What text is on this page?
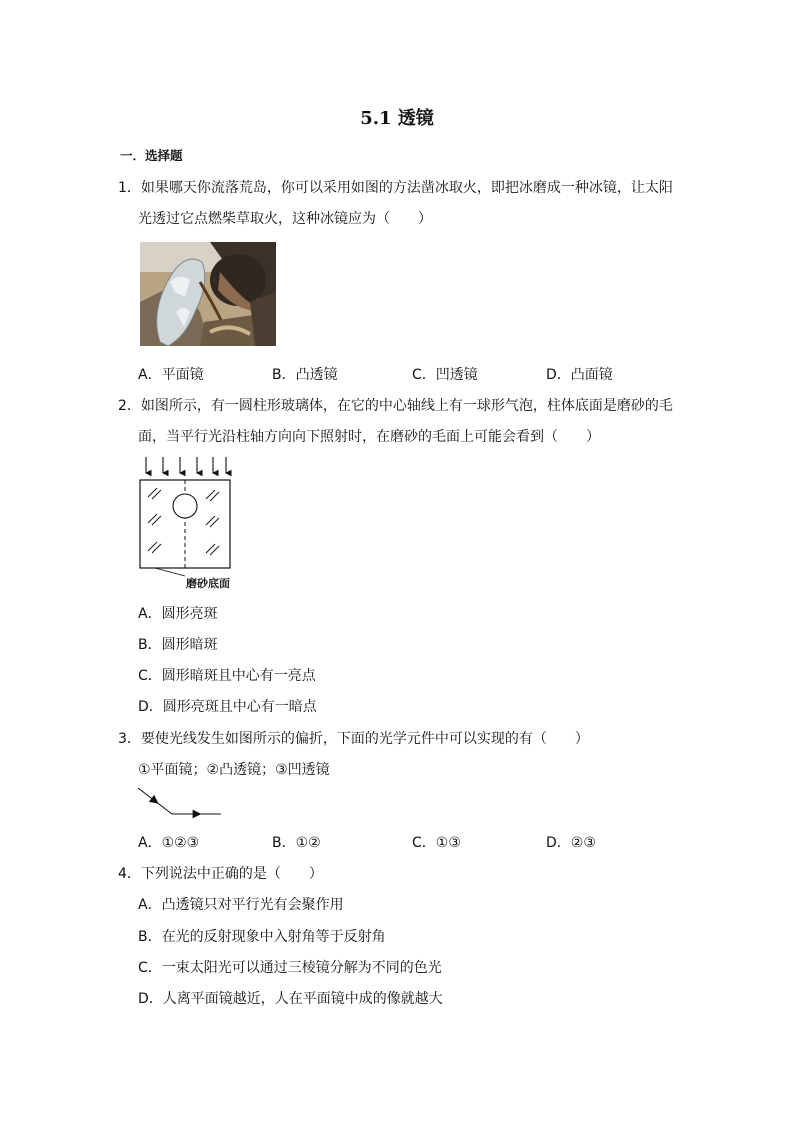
5.1 透镜
一．选择题
1．如果哪天你流落荒岛，你可以采用如图的方法凿冰取火，即把冰磨成一种冰镜，让太阳
光透过它点燃柴草取火，这种冰镜应为（　　）
A．平面镜	B．凸透镜	C．凹透镜	D．凸面镜
2．如图所示，有一圆柱形玻璃体，在它的中心轴线上有一球形气泡，柱体底面是磨砂的毛
面，当平行光沿柱轴方向向下照射时，在磨砂的毛面上可能会看到（　　）
磨砂底面
A．圆形亮斑
B．圆形暗斑
C．圆形暗斑且中心有一亮点
D．圆形亮斑且中心有一暗点
3．要使光线发生如图所示的偏折，下面的光学元件中可以实现的有（　　）
①平面镜；②凸透镜；③凹透镜
A．①②③	B．①②	C．①③	D．②③
4．下列说法中正确的是（　　）
A．凸透镜只对平行光有会聚作用
B．在光的反射现象中入射角等于反射角
C．一束太阳光可以通过三棱镜分解为不同的色光
D．人离平面镜越近，人在平面镜中成的像就越大
